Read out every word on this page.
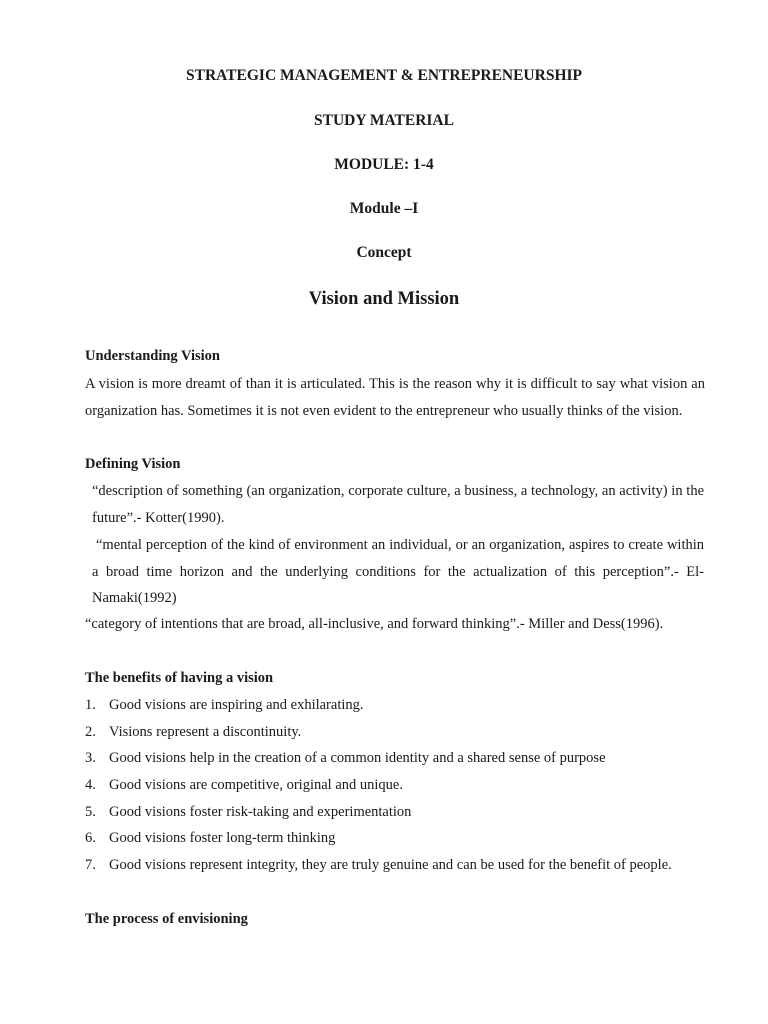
STRATEGIC MANAGEMENT & ENTREPRENEURSHIP
STUDY MATERIAL
MODULE: 1-4
Module –I
Concept
Vision and Mission
Understanding Vision
A vision is more dreamt of than it is articulated. This is the reason why it is difficult to say what vision an organization has. Sometimes it is not even evident to the entrepreneur who usually thinks of the vision.
Defining Vision
“description of something (an organization, corporate culture, a business, a technology, an activity) in the future”.- Kotter(1990).
“mental perception of the kind of environment an individual, or an organization, aspires to create within a broad time horizon and the underlying conditions for the actualization of this perception”.- El-Namaki(1992)
“category of intentions that are broad, all-inclusive, and forward thinking”.- Miller and Dess(1996).
The benefits of having a vision
1. Good visions are inspiring and exhilarating.
2. Visions represent a discontinuity.
3. Good visions help in the creation of a common identity and a shared sense of purpose
4. Good visions are competitive, original and unique.
5. Good visions foster risk-taking and experimentation
6. Good visions foster long-term thinking
7. Good visions represent integrity, they are truly genuine and can be used for the benefit of people.
The process of envisioning
